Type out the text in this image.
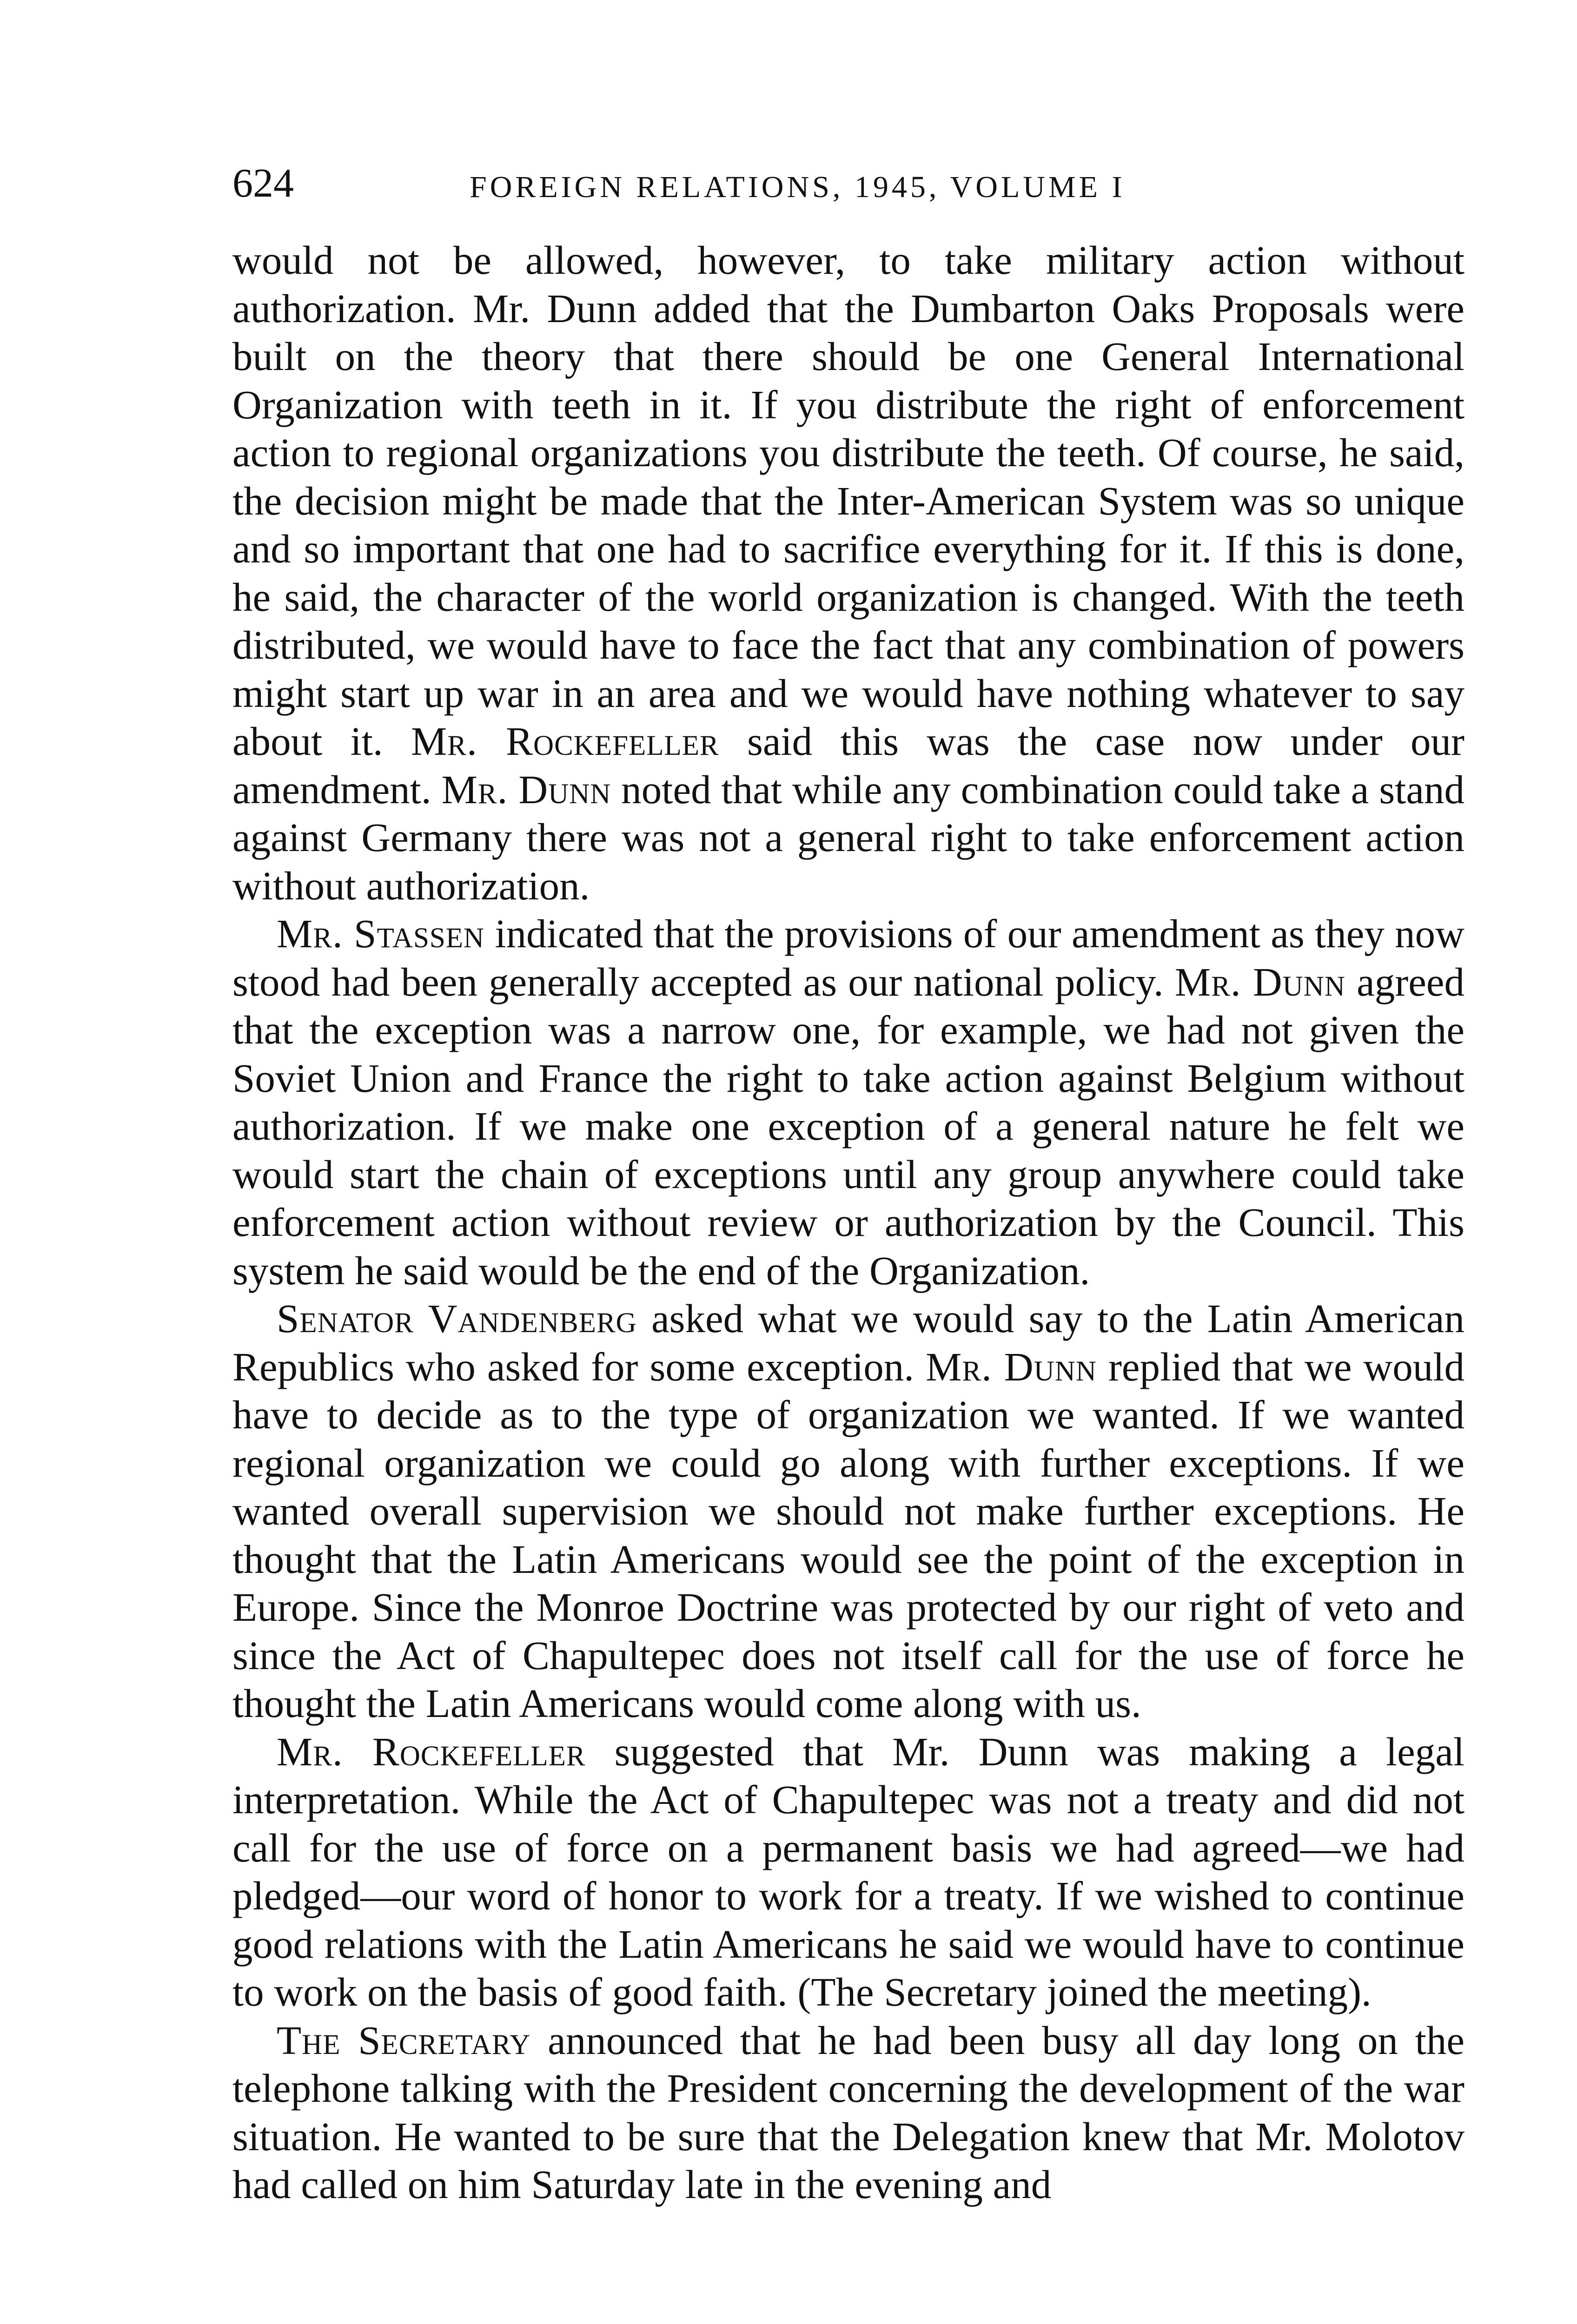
624	FOREIGN RELATIONS, 1945, VOLUME I

would not be allowed, however, to take military action without authorization. Mr. Dunn added that the Dumbarton Oaks Proposals were built on the theory that there should be one General International Organization with teeth in it. If you distribute the right of enforcement action to regional organizations you distribute the teeth. Of course, he said, the decision might be made that the Inter-American System was so unique and so important that one had to sacrifice everything for it. If this is done, he said, the character of the world organization is changed. With the teeth distributed, we would have to face the fact that any combination of powers might start up war in an area and we would have nothing whatever to say about it. Mr. Rockefeller said this was the case now under our amendment. Mr. Dunn noted that while any combination could take a stand against Germany there was not a general right to take enforcement action without authorization.

Mr. Stassen indicated that the provisions of our amendment as they now stood had been generally accepted as our national policy. Mr. Dunn agreed that the exception was a narrow one, for example, we had not given the Soviet Union and France the right to take action against Belgium without authorization. If we make one exception of a general nature he felt we would start the chain of exceptions until any group anywhere could take enforcement action without review or authorization by the Council. This system he said would be the end of the Organization.

Senator Vandenberg asked what we would say to the Latin American Republics who asked for some exception. Mr. Dunn replied that we would have to decide as to the type of organization we wanted. If we wanted regional organization we could go along with further exceptions. If we wanted overall supervision we should not make further exceptions. He thought that the Latin Americans would see the point of the exception in Europe. Since the Monroe Doctrine was protected by our right of veto and since the Act of Chapultepec does not itself call for the use of force he thought the Latin Americans would come along with us.

Mr. Rockefeller suggested that Mr. Dunn was making a legal interpretation. While the Act of Chapultepec was not a treaty and did not call for the use of force on a permanent basis we had agreed—we had pledged—our word of honor to work for a treaty. If we wished to continue good relations with the Latin Americans he said we would have to continue to work on the basis of good faith. (The Secretary joined the meeting).

The Secretary announced that he had been busy all day long on the telephone talking with the President concerning the development of the war situation. He wanted to be sure that the Delegation knew that Mr. Molotov had called on him Saturday late in the evening and
